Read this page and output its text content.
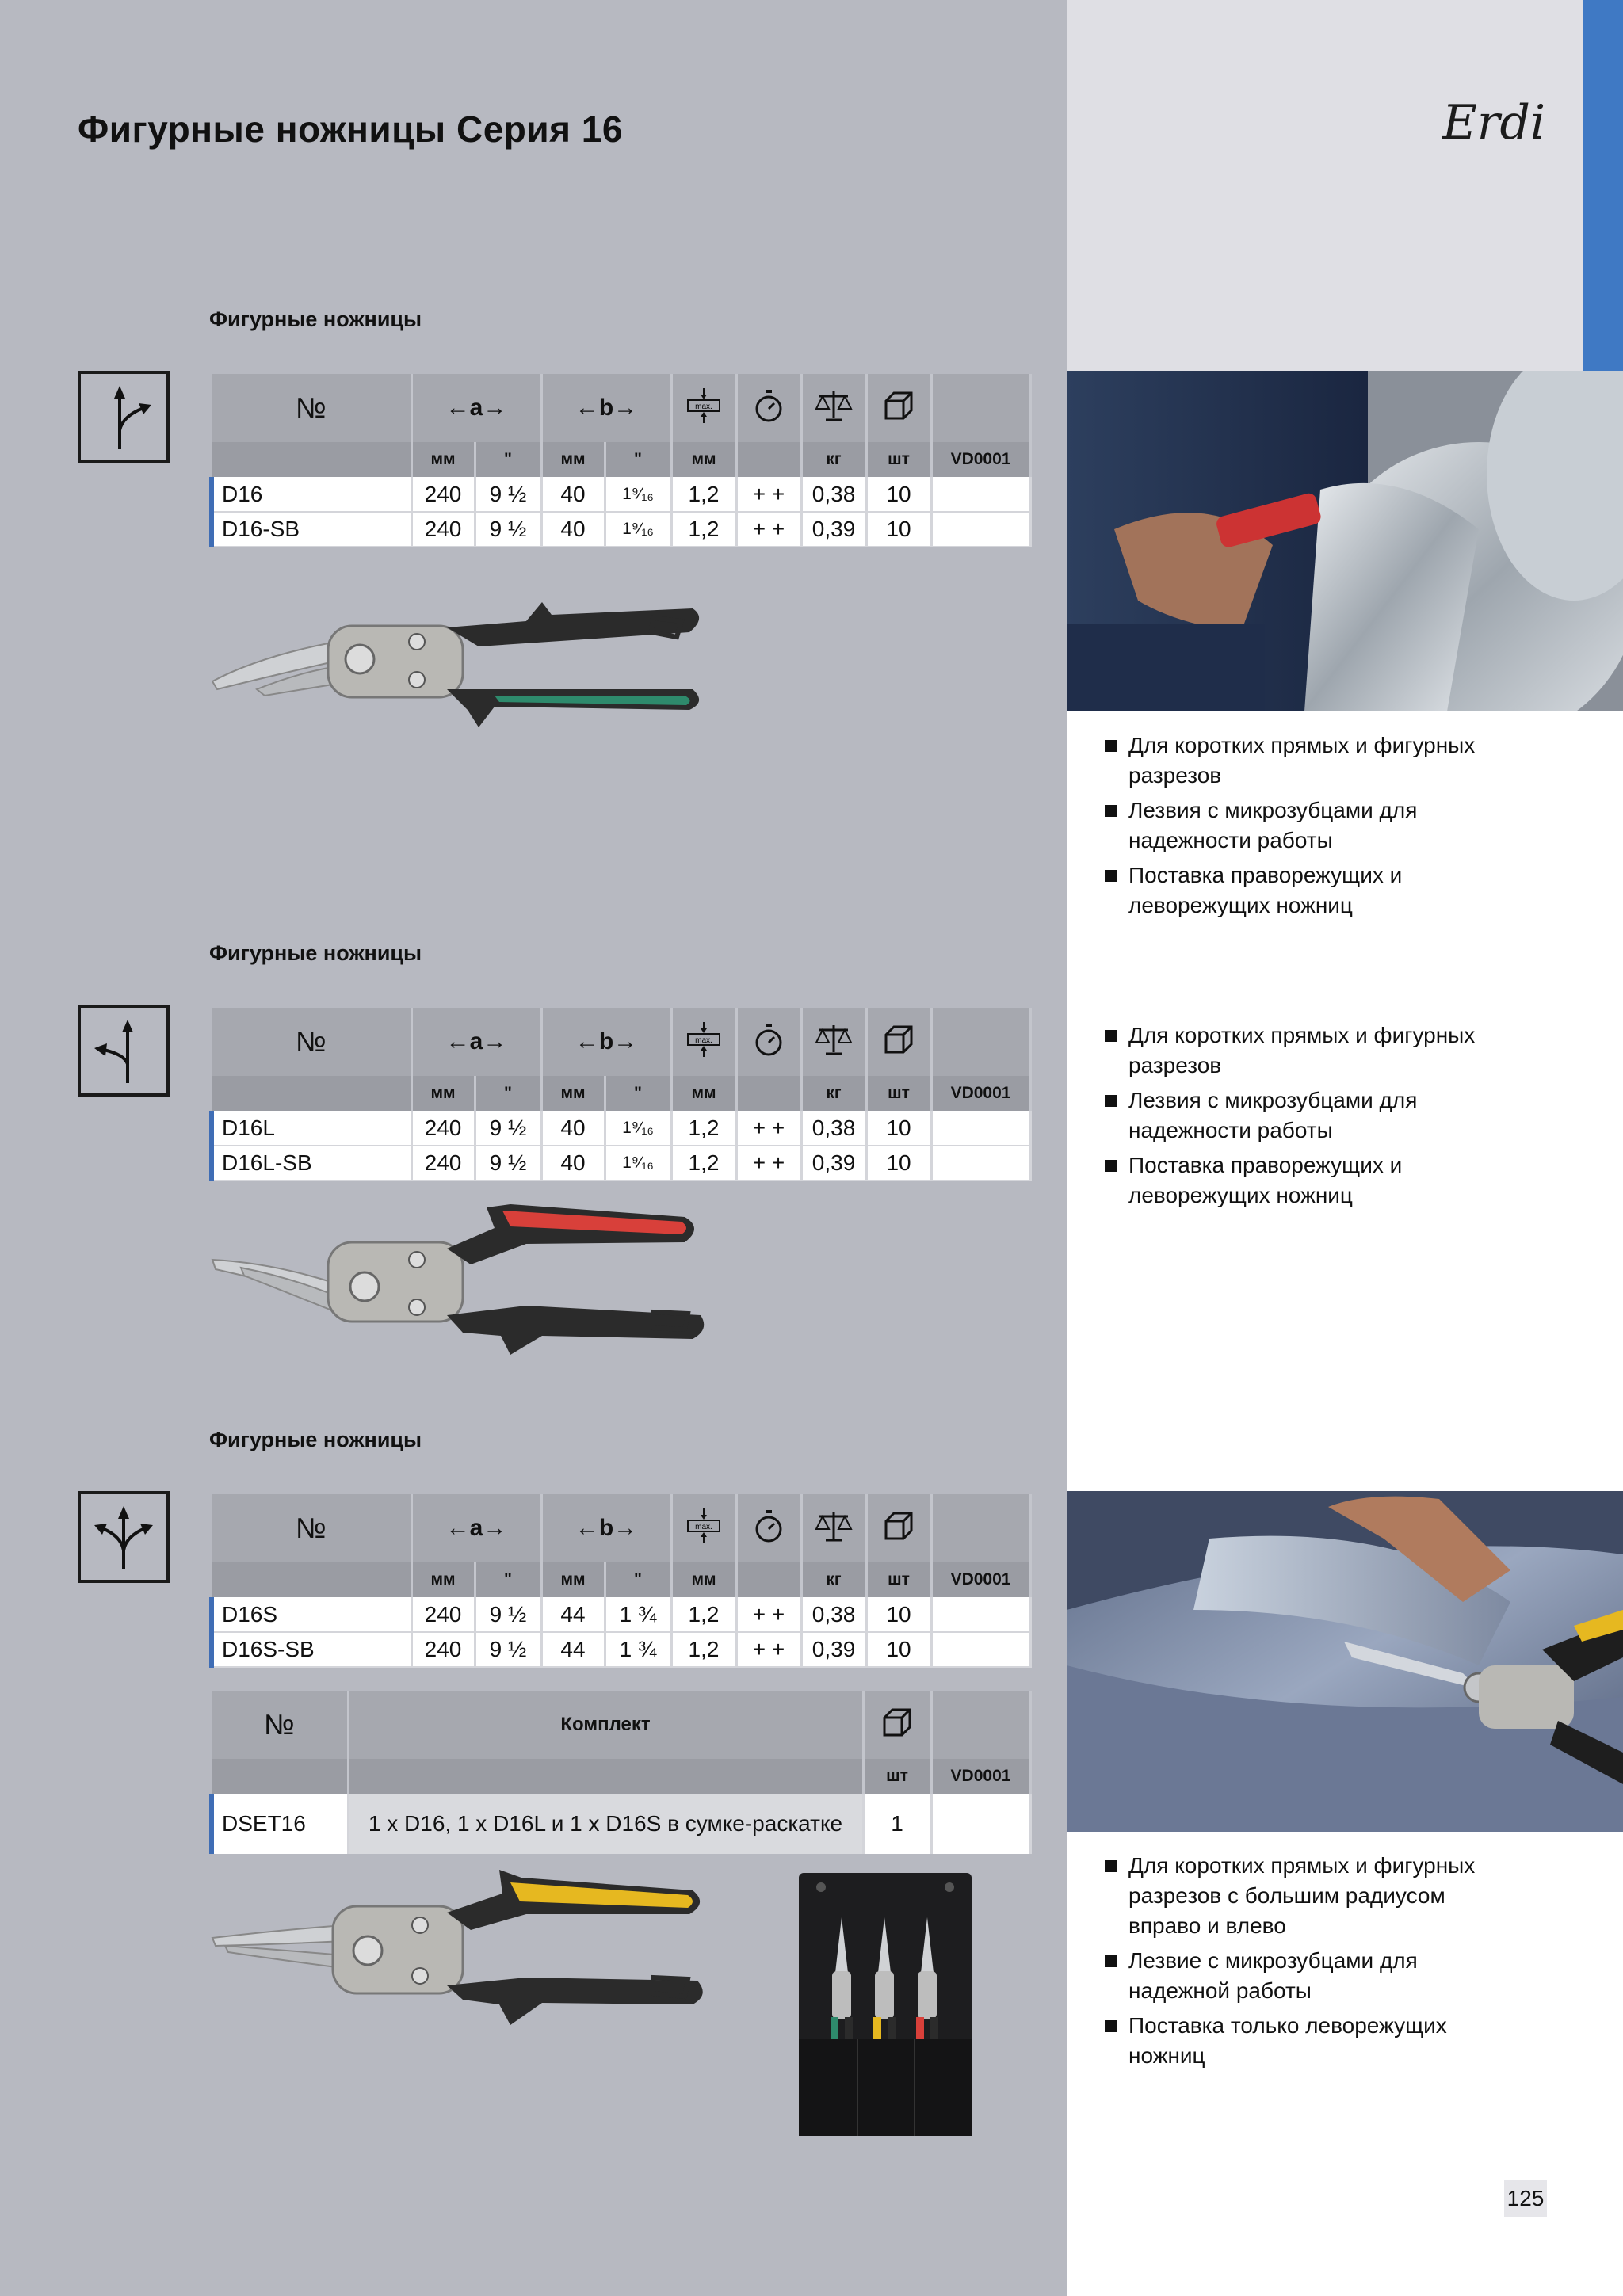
Фигурные ножницы Серия 16	Erdi
Фигурные ножницы
№	←a→		←b→		max.

	мм	"	мм	"	мм		кг	шт	VD0001
D16	240	9 ½	40	1⁹⁄₁₆	1,2	+ +	0,38	10	
D16-SB	240	9 ½	40	1⁹⁄₁₆	1,2	+ +	0,39	10	
Для коротких прямых и фигурных разрезов
Лезвия с микрозубцами для надежности работы
Поставка праворежущих и леворежущих ножниц
Фигурные ножницы
№	←a→		←b→		max.

	мм	"	мм	"	мм		кг	шт	VD0001
D16L	240	9 ½	40	1⁹⁄₁₆	1,2	+ +	0,38	10	
D16L-SB	240	9 ½	40	1⁹⁄₁₆	1,2	+ +	0,39	10	
Для коротких прямых и фигурных разрезов
Лезвия с микрозубцами для надежности работы
Поставка праворежущих и леворежущих ножниц
Фигурные ножницы
№	←a→		←b→		max.

	мм	"	мм	"	мм		кг	шт	VD0001
D16S	240	9 ½	44	1 ¾	1,2	+ +	0,38	10	
D16S-SB	240	9 ½	44	1 ¾	1,2	+ +	0,39	10	
№	Комплект		
		шт	VD0001
DSET16	1 x D16, 1 x D16L и 1 x D16S в сумке-раскатке	1	
Для коротких прямых и фигурных разрезов с большим радиусом вправо и влево
Лезвие с микрозубцами для надежной работы
Поставка только леворежущих ножниц
125
